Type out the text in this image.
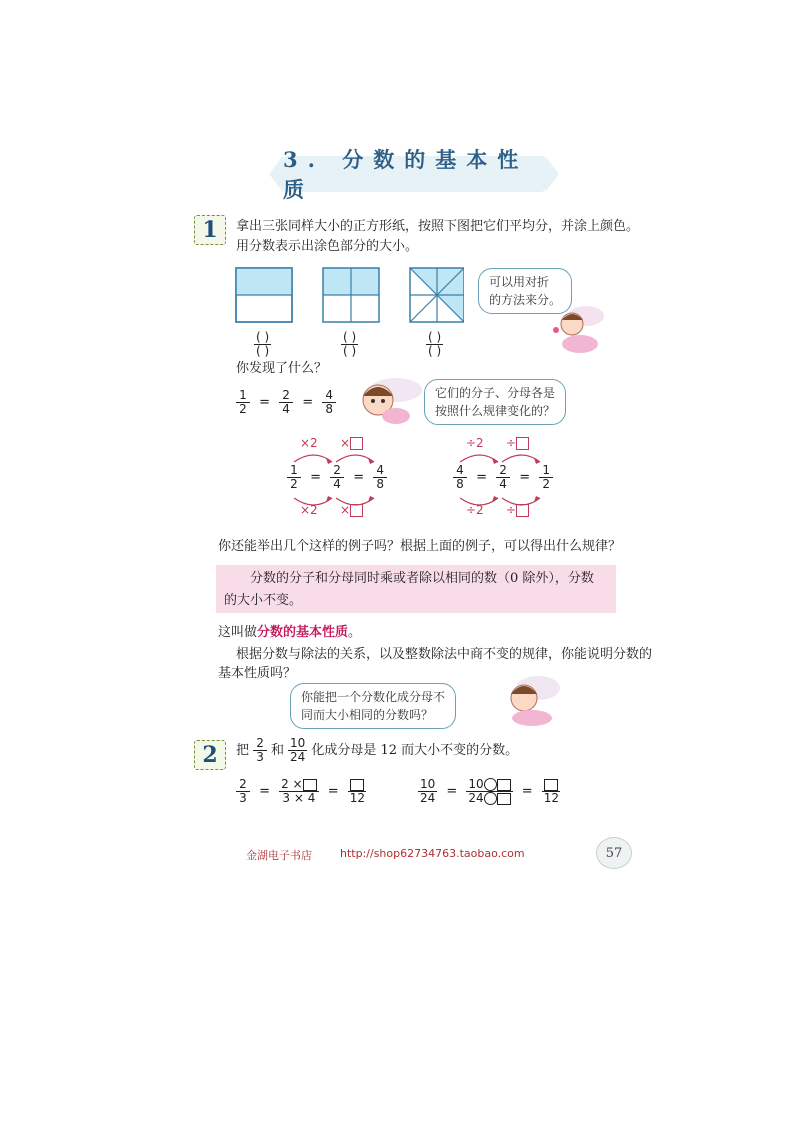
3. 分数的基本性质
1	拿出三张同样大小的正方形纸，按照下图把它们平均分，并涂上颜色。
用分数表示出涂色部分的大小。
( )
( )
( )
( )
( )
( )
可以用对折
的方法来分。
你发现了什么？
$\frac{1}{2} = \frac{2}{4} = \frac{4}{8}$	它们的分子、分母各是
按照什么规律变化的？
×2 ×
$\frac{1}{2} = \frac{2}{4} = \frac{4}{8}$
×2 ×
÷2 ÷
$\frac{4}{8} = \frac{2}{4} = \frac{1}{2}$
÷2 ÷
你还能举出几个这样的例子吗？根据上面的例子，可以得出什么规律？
分数的分子和分母同时乘或者除以相同的数（0 除外），分数
的大小不变。
这叫做分数的基本性质。
根据分数与除法的关系，以及整数除法中商不变的规律，你能说明分数的
基本性质吗？
你能把一个分数化成分母不
同而大小相同的分数吗？
2	把 $\frac{2}{3}$ 和 $\frac{10}{24}$ 化成分母是 12 而大小不变的分数。
$\frac{2}{3} = \frac{2 \times}{3 \times 4} = 12$	$\frac{10}{24} = \frac{10}{24} = 12$
金湖电子书店	http://shop62734763.taobao.com	57
